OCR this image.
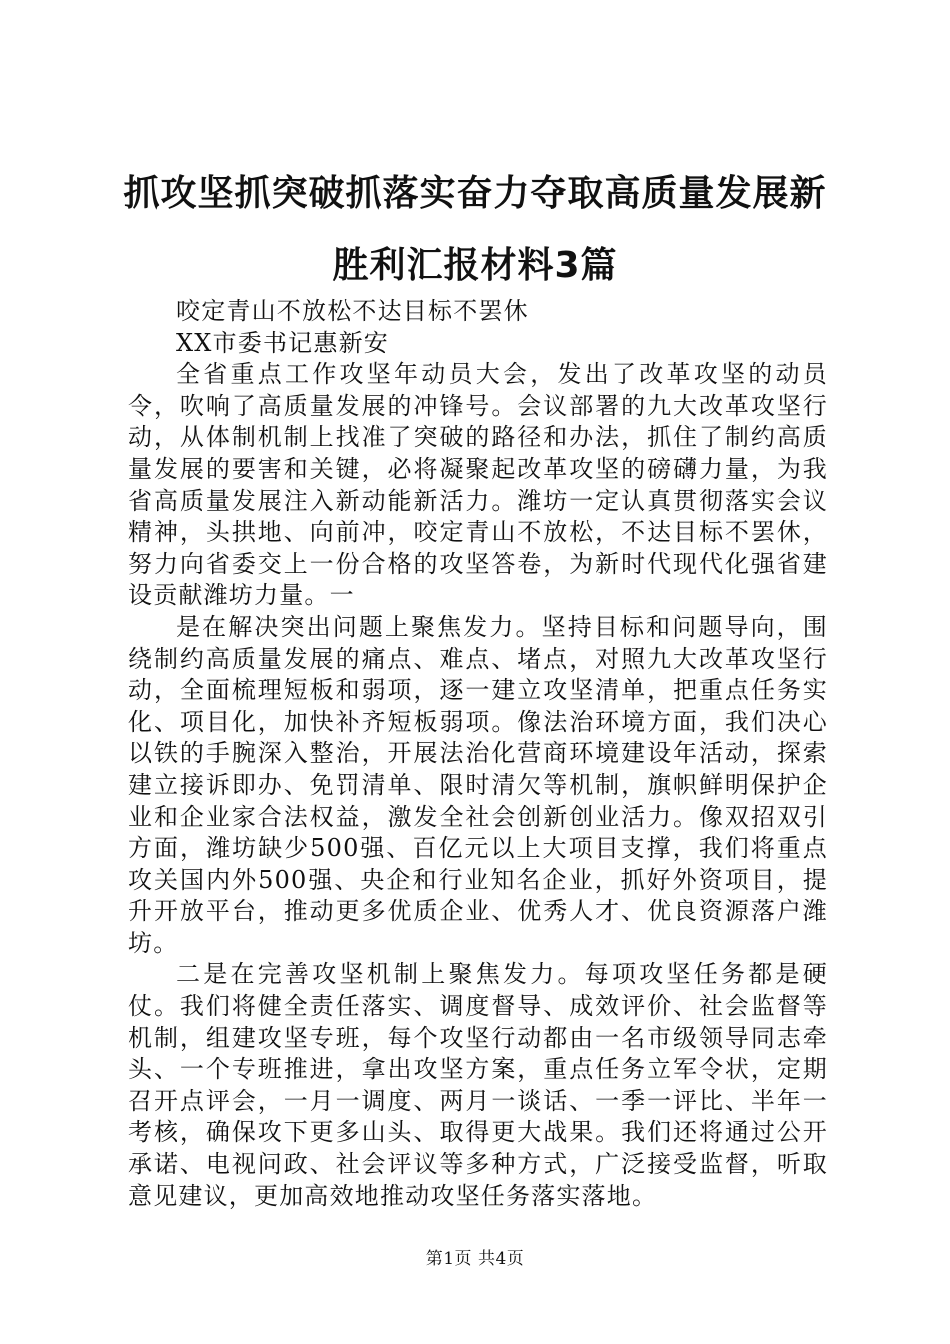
抓攻坚抓突破抓落实奋力夺取高质量发展新胜利汇报材料3篇

咬定青山不放松不达目标不罢休

XX市委书记惠新安

全省重点工作攻坚年动员大会，发出了改革攻坚的动员令，吹响了高质量发展的冲锋号。会议部署的九大改革攻坚行动，从体制机制上找准了突破的路径和办法，抓住了制约高质量发展的要害和关键，必将凝聚起改革攻坚的磅礴力量，为我省高质量发展注入新动能新活力。潍坊一定认真贯彻落实会议精神，头拱地、向前冲，咬定青山不放松，不达目标不罢休，努力向省委交上一份合格的攻坚答卷，为新时代现代化强省建设贡献潍坊力量。一

是在解决突出问题上聚焦发力。坚持目标和问题导向，围绕制约高质量发展的痛点、难点、堵点，对照九大改革攻坚行动，全面梳理短板和弱项，逐一建立攻坚清单，把重点任务实化、项目化，加快补齐短板弱项。像法治环境方面，我们决心以铁的手腕深入整治，开展法治化营商环境建设年活动，探索建立接诉即办、免罚清单、限时清欠等机制，旗帜鲜明保护企业和企业家合法权益，激发全社会创新创业活力。像双招双引方面，潍坊缺少500强、百亿元以上大项目支撑，我们将重点攻关国内外500强、央企和行业知名企业，抓好外资项目，提升开放平台，推动更多优质企业、优秀人才、优良资源落户潍坊。

二是在完善攻坚机制上聚焦发力。每项攻坚任务都是硬仗。我们将健全责任落实、调度督导、成效评价、社会监督等机制，组建攻坚专班，每个攻坚行动都由一名市级领导同志牵头、一个专班推进，拿出攻坚方案，重点任务立军令状，定期召开点评会，一月一调度、两月一谈话、一季一评比、半年一考核，确保攻下更多山头、取得更大战果。我们还将通过公开承诺、电视问政、社会评议等多种方式，广泛接受监督，听取意见建议，更加高效地推动攻坚任务落实落地。

第1页 共4页
